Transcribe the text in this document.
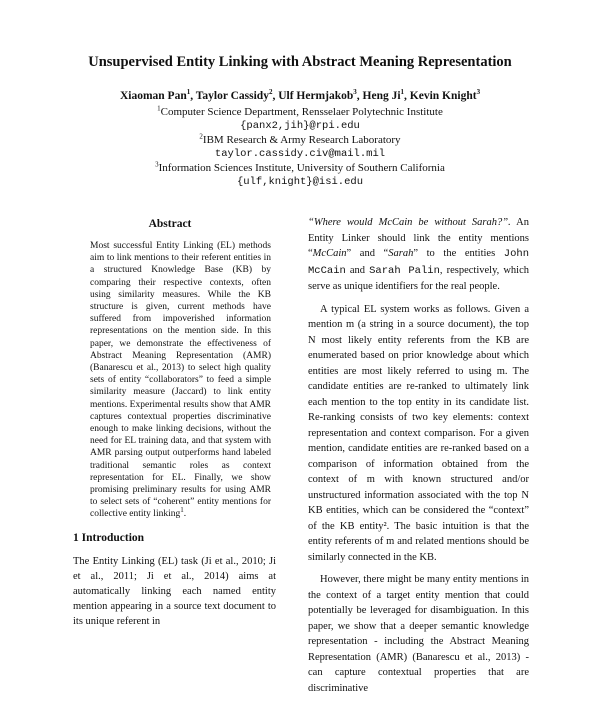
Unsupervised Entity Linking with Abstract Meaning Representation
Xiaoman Pan$^1$, Taylor Cassidy$^2$, Ulf Hermjakob$^3$, Heng Ji$^1$, Kevin Knight$^3$
$^1$Computer Science Department, Rensselaer Polytechnic Institute
{panx2,jih}@rpi.edu
$^2$IBM Research & Army Research Laboratory
taylor.cassidy.civ@mail.mil
$^3$Information Sciences Institute, University of Southern California
{ulf,knight}@isi.edu
Abstract
Most successful Entity Linking (EL) methods aim to link mentions to their referent entities in a structured Knowledge Base (KB) by comparing their respective contexts, often using similarity measures. While the KB structure is given, current methods have suffered from impoverished information representations on the mention side. In this paper, we demonstrate the effectiveness of Abstract Meaning Representation (AMR) (Banarescu et al., 2013) to select high quality sets of entity “collaborators” to feed a simple similarity measure (Jaccard) to link entity mentions. Experimental results show that AMR captures contextual properties discriminative enough to make linking decisions, without the need for EL training data, and that system with AMR parsing output outperforms hand labeled traditional semantic roles as context representation for EL. Finally, we show promising preliminary results for using AMR to select sets of “coherent” entity mentions for collective entity linking$^1$.
1 Introduction
The Entity Linking (EL) task (Ji et al., 2010; Ji et al., 2011; Ji et al., 2014) aims at automatically linking each named entity mention appearing in a source text document to its unique referent in

“Where would McCain be without Sarah?”. An Entity Linker should link the entity mentions “McCain” and “Sarah” to the entities John McCain and Sarah Palin, respectively, which serve as unique identifiers for the real people.

A typical EL system works as follows. Given a mention m (a string in a source document), the top N most likely entity referents from the KB are enumerated based on prior knowledge about which entities are most likely referred to using m. The candidate entities are re-ranked to ultimately link each mention to the top entity in its candidate list. Re-ranking consists of two key elements: context representation and context comparison. For a given mention, candidate entities are re-ranked based on a comparison of information obtained from the context of m with known structured and/or unstructured information associated with the top N KB entities, which can be considered the “context” of the KB entity². The basic intuition is that the entity referents of m and related mentions should be similarly connected in the KB.

However, there might be many entity mentions in the context of a target entity mention that could potentially be leveraged for disambiguation. In this paper, we show that a deeper semantic knowledge representation - including the Abstract Meaning Representation (AMR) (Banarescu et al., 2013) - can capture contextual properties that are discriminative
